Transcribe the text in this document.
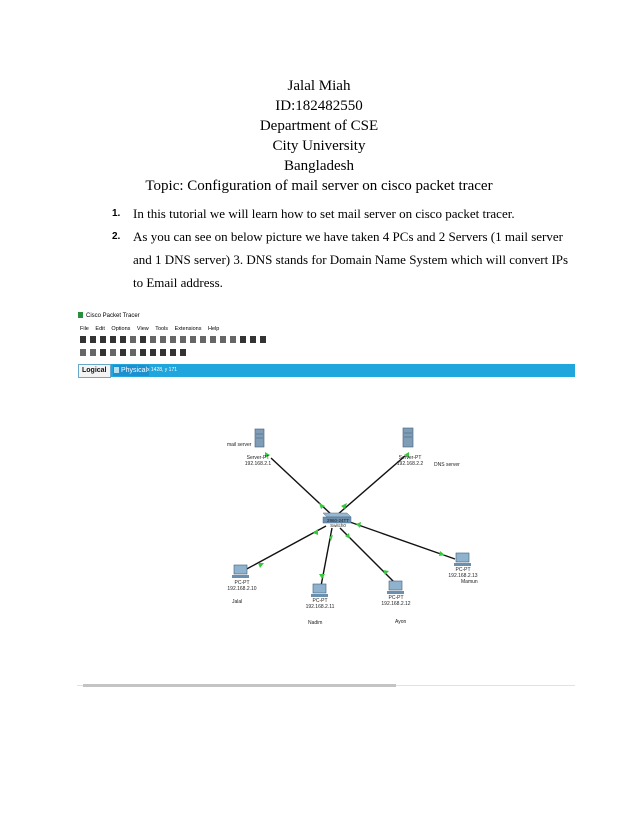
Jalal Miah
ID:182482550
Department of CSE
City University
Bangladesh
Topic: Configuration of mail server on cisco packet tracer
1. In this tutorial we will learn how to set mail server on cisco packet tracer.
2. As you can see on below picture we have taken 4 PCs and 2 Servers (1 mail server and 1 DNS server) 3. DNS stands for Domain Name System which will convert IPs to Email address.
Cisco Packet Tracer
File Edit Options View Tools Extensions Help
Logical	Physical x 1428, y 171
mail server
Server-PT
192.168.2.1
Server-PT
192.168.2.2	DNS server
2960-24TT
Switch0
PC-PT
192.168.2.10
Jalal	PC-PT
192.168.2.11
Nadim
PC-PT
192.168.2.12
Ayon
PC-PT
192.168.2.13
Mamun
